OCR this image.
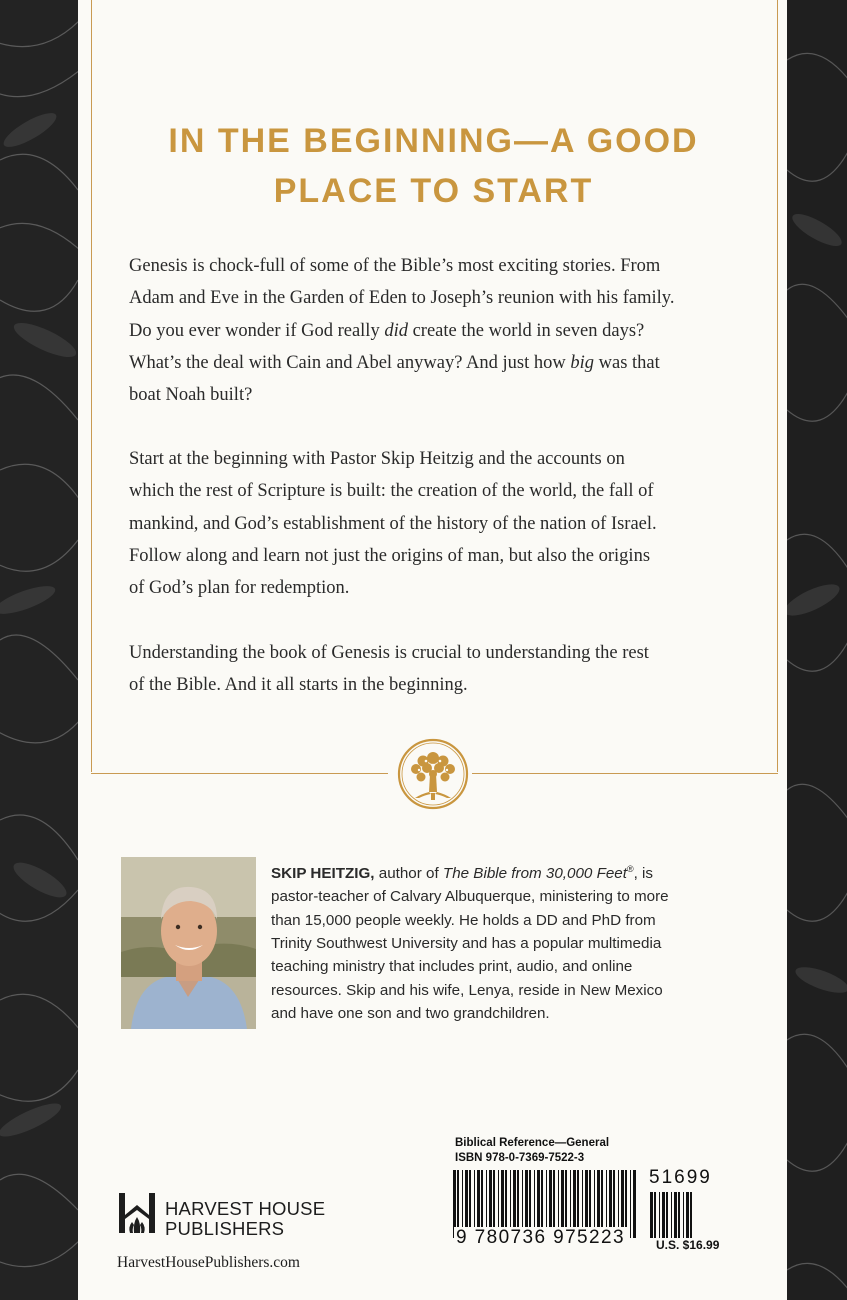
IN THE BEGINNING—A GOOD
PLACE TO START
Genesis is chock-full of some of the Bible’s most exciting stories. From
Adam and Eve in the Garden of Eden to Joseph’s reunion with his family.
Do you ever wonder if God really did create the world in seven days?
What’s the deal with Cain and Abel anyway? And just how big was that
boat Noah built?
Start at the beginning with Pastor Skip Heitzig and the accounts on
which the rest of Scripture is built: the creation of the world, the fall of
mankind, and God’s establishment of the history of the nation of Israel.
Follow along and learn not just the origins of man, but also the origins
of God’s plan for redemption.
Understanding the book of Genesis is crucial to understanding the rest
of the Bible. And it all starts in the beginning.
SKIP HEITZIG, author of The Bible from 30,000 Feet®, is
pastor-teacher of Calvary Albuquerque, ministering to more
than 15,000 people weekly. He holds a DD and PhD from
Trinity Southwest University and has a popular multimedia
teaching ministry that includes print, audio, and online
resources. Skip and his wife, Lenya, reside in New Mexico
and have one son and two grandchildren.
HARVEST HOUSE
PUBLISHERS
HarvestHousePublishers.com
Biblical Reference—General
ISBN 978-0-7369-7522-3
51699
9 780736 975223	U.S. $16.99
